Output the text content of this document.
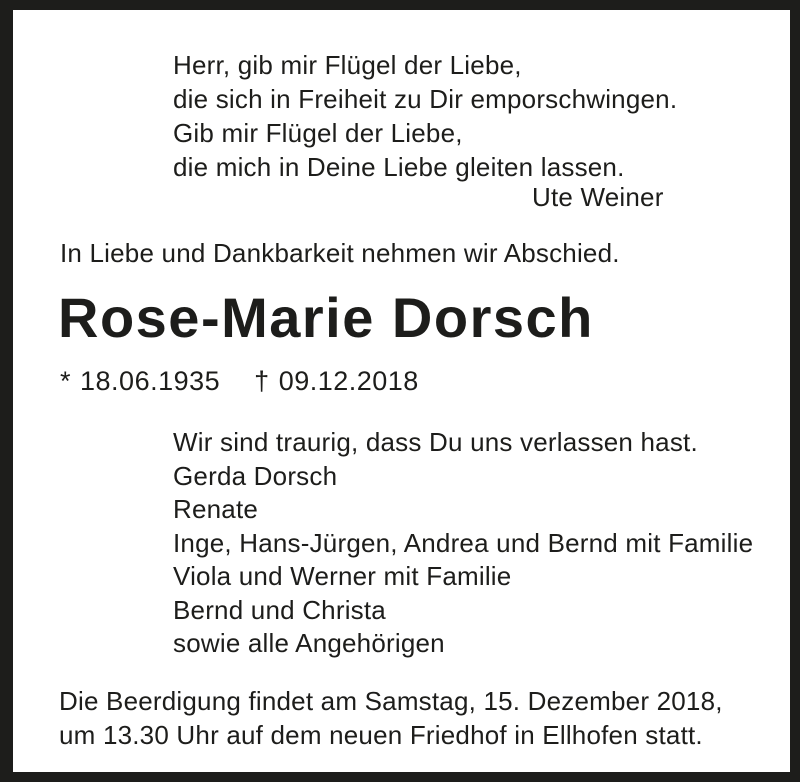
Herr, gib mir Flügel der Liebe,
die sich in Freiheit zu Dir emporschwingen.
Gib mir Flügel der Liebe,
die mich in Deine Liebe gleiten lassen.
Ute Weiner
In Liebe und Dankbarkeit nehmen wir Abschied.
Rose-Marie Dorsch
* 18.06.1935 † 09.12.2018
Wir sind traurig, dass Du uns verlassen hast.
Gerda Dorsch
Renate
Inge, Hans-Jürgen, Andrea und Bernd mit Familie
Viola und Werner mit Familie
Bernd und Christa
sowie alle Angehörigen
Die Beerdigung findet am Samstag, 15. Dezember 2018,
um 13.30 Uhr auf dem neuen Friedhof in Ellhofen statt.
